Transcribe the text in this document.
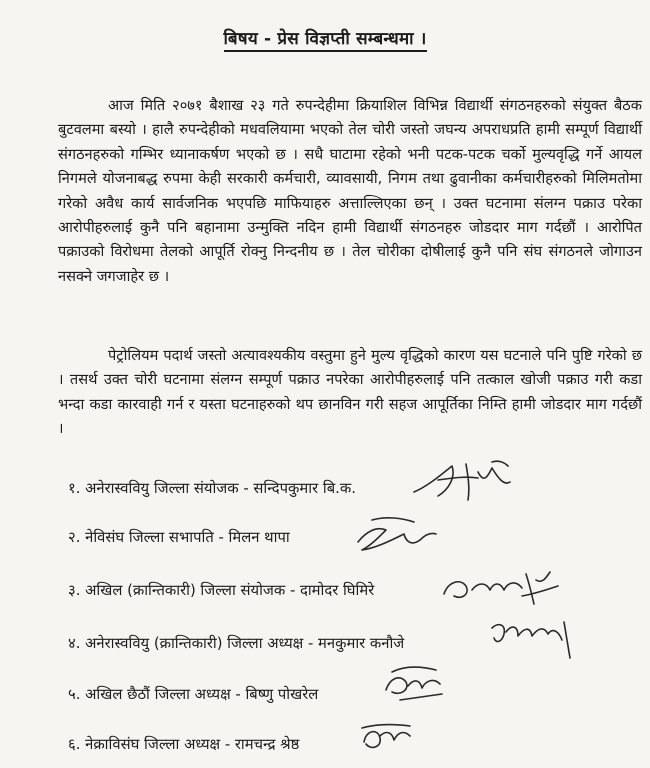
बिषय - प्रेस विज्ञप्ती सम्बन्धमा ।

आज मिति २०७१ बैशाख २३ गते रुपन्देहीमा क्रियाशिल विभिन्न विद्यार्थी संगठनहरुको संयुक्त बैठक बुटवलमा बस्यो । हालै रुपन्देहीको मधवलियामा भएको तेल चोरी जस्तो जघन्य अपराधप्रति हामी सम्पूर्ण विद्यार्थी संगठनहरुको गम्भिर ध्यानाकर्षण भएको छ । सधै घाटामा रहेको भनी पटक-पटक चर्को मुल्यवृद्धि गर्ने आयल निगमले योजनाबद्ध रुपमा केही सरकारी कर्मचारी, व्यावसायी, निगम तथा ढुवानीका कर्मचारीहरुको मिलिमतोमा गरेको अवैध कार्य सार्वजनिक भएपछि माफियाहरु अत्ताल्लिएका छन् । उक्त घटनामा संलग्न पक्राउ परेका आरोपीहरुलाई कुनै पनि बहानामा उन्मुक्ति नदिन हामी विद्यार्थी संगठनहरु जोडदार माग गर्दछौं । आरोपित पक्राउको विरोधमा तेलको आपूर्ति रोक्नु निन्दनीय छ । तेल चोरीका दोषीलाई कुनै पनि संघ संगठनले जोगाउन नसक्ने जगजाहेर छ ।

पेट्रोलियम पदार्थ जस्तो अत्यावश्यकीय वस्तुमा हुने मुल्य वृद्धिको कारण यस घटनाले पनि पुष्टि गरेको छ । तसर्थ उक्त चोरी घटनामा संलग्न सम्पूर्ण पक्राउ नपरेका आरोपीहरुलाई पनि तत्काल खोजी पक्राउ गरी कडा भन्दा कडा कारवाही गर्न र यस्ता घटनाहरुको थप छानविन गरी सहज आपूर्तिका निम्ति हामी जोडदार माग गर्दछौं ।

१. अनेरास्ववियु जिल्ला संयोजक - सन्दिपकुमार बि.क.
२. नेविसंघ जिल्ला सभापति - मिलन थापा
३. अखिल (क्रान्तिकारी) जिल्ला संयोजक - दामोदर घिमिरे
४. अनेरास्ववियु (क्रान्तिकारी) जिल्ला अध्यक्ष - मनकुमार कनौजे
५. अखिल छैठौं जिल्ला अध्यक्ष - बिष्णु पोखरेल
६. नेक्राविसंघ जिल्ला अध्यक्ष - रामचन्द्र श्रेष्ठ
